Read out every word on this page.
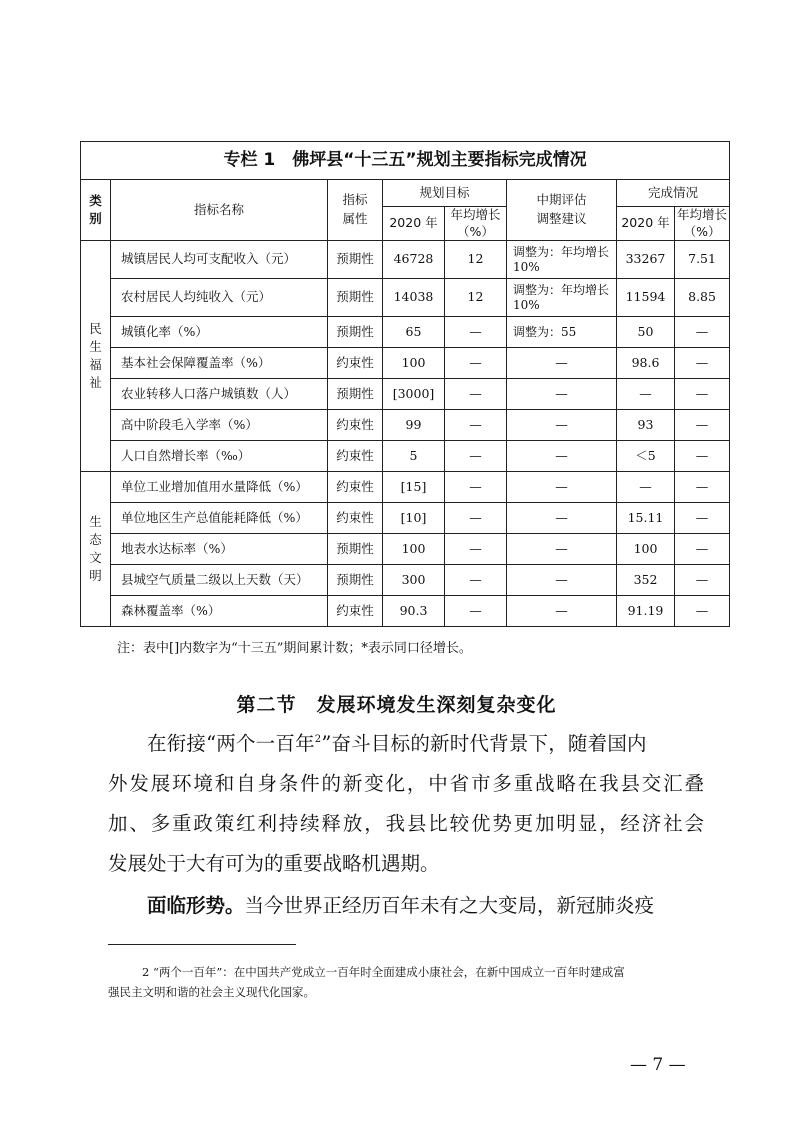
专栏 1　佛坪县“十三五”规划主要指标完成情况							
类别	指标名称	指标属性	规划目标		中期评估调整建议	完成情况	
			2020 年	年均增长（%）		2020 年	年均增长（%）
民生福祉	城镇居民人均可支配收入（元）	预期性	46728	12	调整为：年均增长 10%	33267	7.51
	农村居民人均纯收入（元）	预期性	14038	12	调整为：年均增长 10%	11594	8.85
	城镇化率（%）	预期性	65	—	调整为：55	50	—
	基本社会保障覆盖率（%）	约束性	100	—	—	98.6	—
	农业转移人口落户城镇数（人）	预期性	[3000]	—	—	—	—
	高中阶段毛入学率（%）	约束性	99	—	—	93	—
	人口自然增长率（‰）	约束性	5	—	—	＜5	—
生态文明	单位工业增加值用水量降低（%）	约束性	[15]	—	—	—	—
	单位地区生产总值能耗降低（%）	约束性	[10]	—	—	15.11	—
	地表水达标率（%）	预期性	100	—	—	100	—
	县城空气质量二级以上天数（天）	预期性	300	—	—	352	—
	森林覆盖率（%）	约束性	90.3	—	—	91.19	—
注：表中[]内数字为“十三五”期间累计数；*表示同口径增长。
第二节　发展环境发生深刻复杂变化
在衔接“两个一百年$^2$”奋斗目标的新时代背景下，随着国内
外发展环境和自身条件的新变化，中省市多重战略在我县交汇叠
加、多重政策红利持续释放，我县比较优势更加明显，经济社会
发展处于大有可为的重要战略机遇期。
面临形势。当今世界正经历百年未有之大变局，新冠肺炎疫
2 “两个一百年”：在中国共产党成立一百年时全面建成小康社会，在新中国成立一百年时建成富
强民主文明和谐的社会主义现代化国家。
— 7 —
